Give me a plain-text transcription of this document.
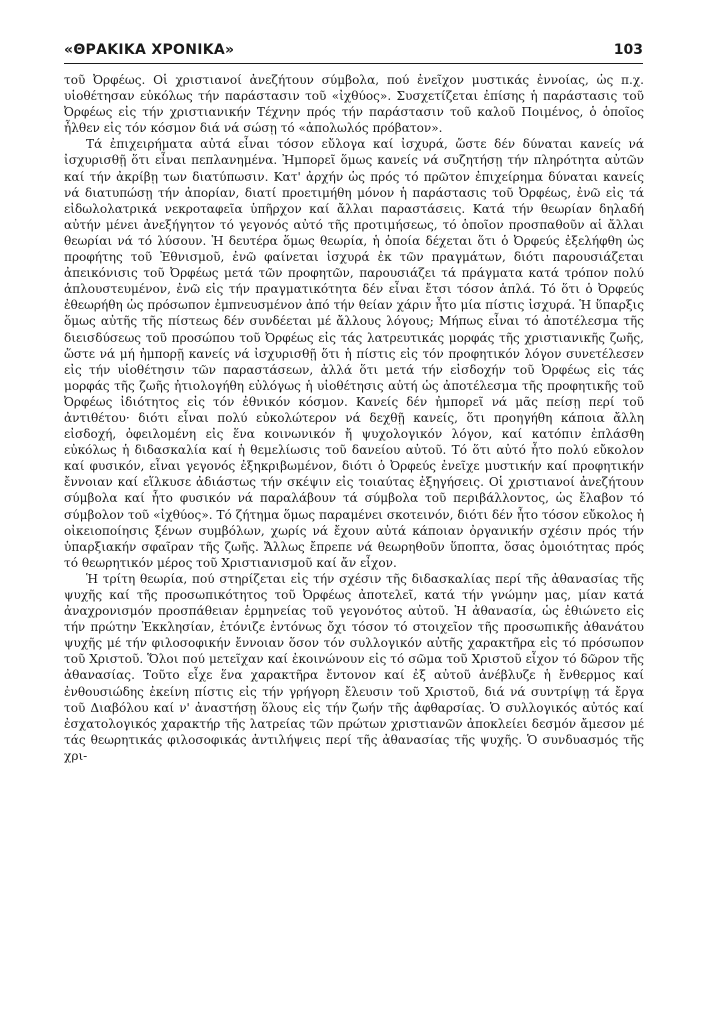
«ΘΡΑΚΙΚΑ ΧΡΟΝΙΚΑ»	103

τοῦ Ὀρφέως. Οἱ χριστιανοί ἀνεζήτουν σύμβολα, πού ἐνεῖχον μυστικάς ἐννοίας, ὡς π.χ. υἱοθέτησαν εὐκόλως τήν παράστασιν τοῦ «ἰχθύος». Συσχετίζεται ἐπίσης ἡ παράστασις τοῦ Ὀρφέως εἰς τήν χριστιανικήν Τέχνην πρός τήν παράστασιν τοῦ καλοῦ Ποιμένος, ὁ ὁποῖος ἦλθεν εἰς τόν κόσμον διά νά σώσῃ τό «ἀπολωλός πρόβατον».

Τά ἐπιχειρήματα αὐτά εἶναι τόσον εὔλογα καί ἰσχυρά, ὥστε δέν δύναται κανείς νά ἰσχυρισθῇ ὅτι εἶναι πεπλανημένα. Ἠμπορεῖ ὅμως κανείς νά συζητήσῃ τήν πληρότητα αὐτῶν καί τήν ἀκρίβῃ των διατύπωσιν. Κατ' ἀρχήν ὡς πρός τό πρῶτον ἐπιχείρημα δύναται κανείς νά διατυπώσῃ τήν ἀπορίαν, διατί προετιμήθη μόνον ἡ παράστασις τοῦ Ὀρφέως, ἐνῶ εἰς τά εἰδωλολατρικά νεκροταφεῖα ὑπῆρχον καί ἄλλαι παραστάσεις. Κατά τήν θεωρίαν δηλαδή αὐτήν μένει ἀνεξήγητον τό γεγονός αὐτό τῆς προτιμήσεως, τό ὁποῖον προσπαθοῦν αἱ ἄλλαι θεωρίαι νά τό λύσουν. Ἡ δευτέρα ὅμως θεωρία, ἡ ὁποία δέχεται ὅτι ὁ Ὀρφεύς ἐξελήφθη ὡς προφήτης τοῦ Ἐθνισμοῦ, ἐνῶ φαίνεται ἰσχυρά ἐκ τῶν πραγμάτων, διότι παρουσιάζεται ἀπεικόνισις τοῦ Ὀρφέως μετά τῶν προφητῶν, παρουσιάζει τά πράγματα κατά τρόπον πολύ ἁπλουστευμένον, ἐνῶ εἰς τήν πραγματικότητα δέν εἶναι ἔτσι τόσον ἁπλά. Τό ὅτι ὁ Ὀρφεύς ἐθεωρήθη ὡς πρόσωπον ἐμπνευσμένον ἀπό τήν θείαν χάριν ἦτο μία πίστις ἰσχυρά. Ἡ ὕπαρξις ὅμως αὐτῆς τῆς πίστεως δέν συνδέεται μέ ἄλλους λόγους; Μήπως εἶναι τό ἀποτέλεσμα τῆς διεισδύσεως τοῦ προσώπου τοῦ Ὀρφέως εἰς τάς λατρευτικάς μορφάς τῆς χριστιανικῆς ζωῆς, ὥστε νά μή ἠμπορῇ κανείς νά ἰσχυρισθῇ ὅτι ἡ πίστις εἰς τόν προφητικόν λόγον συνετέλεσεν εἰς τήν υἱοθέτησιν τῶν παραστάσεων, ἀλλά ὅτι μετά τήν εἰσδοχήν τοῦ Ὀρφέως εἰς τάς μορφάς τῆς ζωῆς ἠτιολογήθη εὐλόγως ἡ υἱοθέτησις αὐτή ὡς ἀποτέλεσμα τῆς προφητικῆς τοῦ Ὀρφέως ἰδιότητος εἰς τόν ἐθνικόν κόσμον. Κανείς δέν ἠμπορεῖ νά μᾶς πείσῃ περί τοῦ ἀντιθέτου· διότι εἶναι πολύ εὐκολώτερον νά δεχθῇ κανείς, ὅτι προηγήθη κάποια ἄλλη εἰσδοχή, ὀφειλομένη εἰς ἕνα κοινωνικόν ἤ ψυχολογικόν λόγον, καί κατόπιν ἐπλάσθη εὐκόλως ἡ διδασκαλία καί ἡ θεμελίωσις τοῦ δανείου αὐτοῦ. Τό ὅτι αὐτό ἦτο πολύ εὔκολον καί φυσικόν, εἶναι γεγονός ἐξηκριβωμένον, διότι ὁ Ὀρφεύς ἐνεῖχε μυστικήν καί προφητικήν ἔννοιαν καί εἵλκυσε ἀδιάστως τήν σκέψιν εἰς τοιαύτας ἐξηγήσεις. Οἱ χριστιανοί ἀνεζήτουν σύμβολα καί ἦτο φυσικόν νά παραλάβουν τά σύμβολα τοῦ περιβάλλοντος, ὡς ἔλαβον τό σύμβολον τοῦ «ἰχθύος». Τό ζήτημα ὅμως παραμένει σκοτεινόν, διότι δέν ἦτο τόσον εὔκολος ἡ οἰκειοποίησις ξένων συμβόλων, χωρίς νά ἔχουν αὐτά κάποιαν ὀργανικήν σχέσιν πρός τήν ὑπαρξιακήν σφαῖραν τῆς ζωῆς. Ἄλλως ἔπρεπε νά θεωρηθοῦν ὕποπτα, ὅσας ὁμοιότητας πρός τό θεωρητικόν μέρος τοῦ Χριστιανισμοῦ καί ἄν εἶχον.

Ἡ τρίτη θεωρία, πού στηρίζεται εἰς τήν σχέσιν τῆς διδασκαλίας περί τῆς ἀθανασίας τῆς ψυχῆς καί τῆς προσωπικότητος τοῦ Ὀρφέως ἀποτελεῖ, κατά τήν γνώμην μας, μίαν κατά ἀναχρονισμόν προσπάθειαν ἑρμηνείας τοῦ γεγονότος αὐτοῦ. Ἡ ἀθανασία, ὡς ἐθιώνετο εἰς τήν πρώτην Ἐκκλησίαν, ἐτόνιζε ἐντόνως ὄχι τόσον τό στοιχεῖον τῆς προσωπικῆς ἀθανάτου ψυχῆς μέ τήν φιλοσοφικήν ἔννοιαν ὅσον τόν συλλογικόν αὐτῆς χαρακτῆρα εἰς τό πρόσωπον τοῦ Χριστοῦ. Ὅλοι πού μετεῖχαν καί ἐκοινώνουν εἰς τό σῶμα τοῦ Χριστοῦ εἶχον τό δῶρον τῆς ἀθανασίας. Τοῦτο εἶχε ἕνα χαρακτῆρα ἔντονον καί ἐξ αὐτοῦ ἀνέβλυζε ἡ ἔνθερμος καί ἐνθουσιώδης ἐκείνη πίστις εἰς τήν γρήγορη ἔλευσιν τοῦ Χριστοῦ, διά νά συντρίψῃ τά ἔργα τοῦ Διαβόλου καί ν' ἀναστήσῃ ὅλους εἰς τήν ζωήν τῆς ἀφθαρσίας. Ὁ συλλογικός αὐτός καί ἐσχατολογικός χαρακτήρ τῆς λατρείας τῶν πρώτων χριστιανῶν ἀποκλείει δεσμόν ἄμεσον μέ τάς θεωρητικάς φιλοσοφικάς ἀντιλήψεις περί τῆς ἀθανασίας τῆς ψυχῆς. Ὁ συνδυασμός τῆς χρι-
